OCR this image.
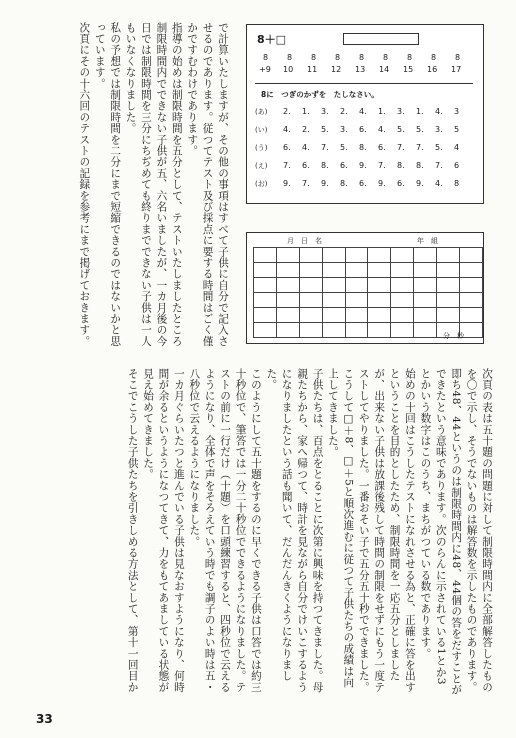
で計算いたしますが、その他の事項はすべて子供に自分で記入させるのであります。従つてテスト及び採点に要する時間はごく僅かですむわけであります。
指導の始めは制限時間を五分として、テストいたしましたところ制限時間内でできない子供が五、六名いましたが、一カ月後の今日では制限時間を三分にちぢめても終りまでできない子供は一人もいなくなりました。
私の予想では制限時間を二分にまで短縮できるのではないかと思っています。
次頁にその十六回のテストの記録を参考にまで掲げておきます。	8＋□
8に　つぎのかずを　たしなさい。
8 8 8 8 8 8 8 8 8
+9 10 11 12 13 14 15 16 17
(あ) 2. 1. 3. 2. 4. 1. 3. 1. 4. 3
(い) 4. 2. 5. 3. 6. 4. 5. 5. 3. 5
(う) 6. 4. 7. 5. 8. 6. 7. 7. 5. 4
(え) 7. 6. 8. 6. 9. 7. 8. 8. 7. 6
(お) 9. 7. 9. 8. 6. 9. 6. 9. 4. 8
月　日　名	年　組

分　秒
次頁の表は五十題の問題に対して制限時間内に全部解答したものを〇で示し、そうでないものは解答数を示したものであります。即ち48、44というのは制限時間内に48、44個の答をだすことができたという意味であります。次のらんに示されている1とか3とかいう数字はこのうち、まちがつている数であります。
始めの十回はこうしたテストになれさせる為と、正確に答を出すということを目的としたため、制限時間を一応五分としましたが、出来ない子供は放課後残して時間の制限をせずにもう一度テストしてやりました。一番おそい子で五分五十秒でできました。
こうして□＋8、□＋5と順次進むに従つて子供たちの成績は向上してきました。
子供たちは、百点をとることに次第に興味を持つてきました。母親たちから、家へ帰つて、時計を見ながら自分でけいこするようになりましたという話も聞いて、だんだんきくようになりました。
このようにして五十題をするのに早くできる子供は口答では約三十秒位で、筆答では一分二十秒位でできるようになりました。テストの前に一行だけ（十題）を口頭練習すると、四秒位で云えるようになり、全体で声をそろえていう時でも調子のよい時は五・八秒位で云えるようになりました。
一カ月ぐらいたつと進んでいる子供は見なおすようになり、何時間が余るというようになつてきて、力をもてあましている状態が見え始めてきました。
そこでこうした子供たちを引きしめる方法として、第十一回目か
33
